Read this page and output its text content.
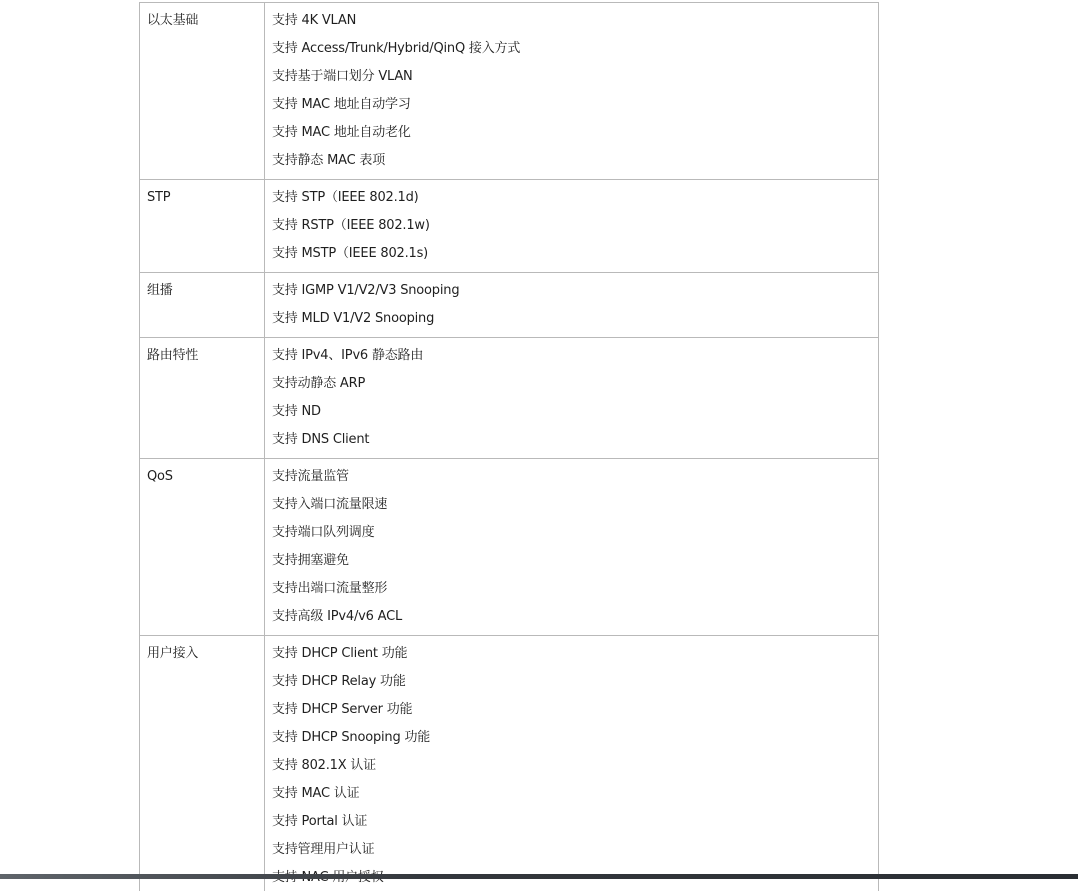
以太基础	支持 4K VLAN
支持 Access/Trunk/Hybrid/QinQ 接入方式
支持基于端口划分 VLAN
支持 MAC 地址自动学习
支持 MAC 地址自动老化
支持静态 MAC 表项
STP	支持 STP（IEEE 802.1d)
支持 RSTP（IEEE 802.1w)
支持 MSTP（IEEE 802.1s)
组播	支持 IGMP V1/V2/V3 Snooping
支持 MLD V1/V2 Snooping
路由特性	支持 IPv4、IPv6 静态路由
支持动静态 ARP
支持 ND
支持 DNS Client
QoS	支持流量监管
支持入端口流量限速
支持端口队列调度
支持拥塞避免
支持出端口流量整形
支持高级 IPv4/v6 ACL
用户接入	支持 DHCP Client 功能
支持 DHCP Relay 功能
支持 DHCP Server 功能
支持 DHCP Snooping 功能
支持 802.1X 认证
支持 MAC 认证
支持 Portal 认证
支持管理用户认证
